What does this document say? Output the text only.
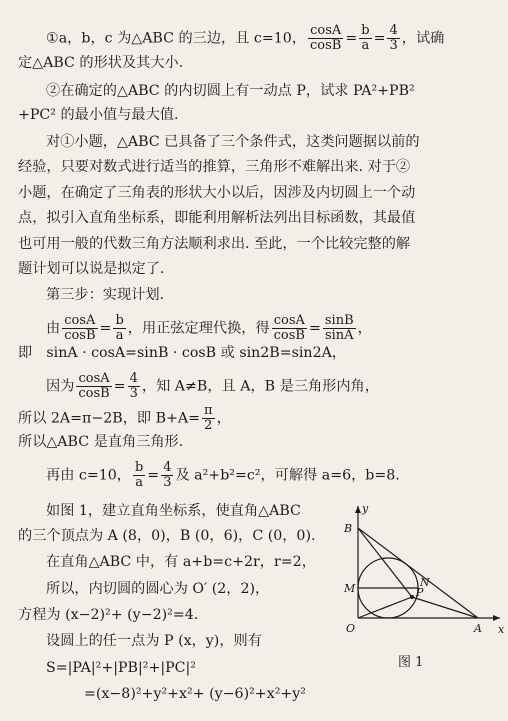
①a，b，c 为△ABC 的三边，且 c=10， $\frac{\cos A}{\cos B} = \frac{b}{a} = \frac{4}{3}$ ，试确
定△ABC 的形状及其大小.
②在确定的△ABC 的内切圆上有一动点 P，试求 PA²+PB²
+PC² 的最小值与最大值.
对①小题，△ABC 已具备了三个条件式，这类问题据以前的
经验，只要对数式进行适当的推算，三角形不难解出来. 对于②
小题，在确定了三角表的形状大小以后，因涉及内切圆上一个动
点，拟引入直角坐标系，即能利用解析法列出目标函数，其最值
也可用一般的代数三角方法顺利求出. 至此，一个比较完整的解
题计划可以说是拟定了.
第三步：实现计划.
由 $\frac{\cos A}{\cos B} = \frac{b}{a}$ ，用正弦定理代换，得 $\frac{\cos A}{\cos B} = \frac{\sin B}{\sin A}$ ，
即　sinA · cosA=sinB · cosB 或 sin2B=sin2A，
因为 $\frac{\cos A}{\cos B} = \frac{4}{3}$ ，知 A≠B，且 A，B 是三角形内角，
所以 2A=π−2B，即 $B+A= \frac{\pi}{2}$ ，
所以△ABC 是直角三角形.
再由 c=10， $\frac{b}{a} = \frac{4}{3}$ 及 a²+b²=c²，可解得 a=6，b=8.
如图 1，建立直角坐标系，使直角△ABC
的三个顶点为 A (8，0)，B (0，6)，C (0，0).
在直角△ABC 中，有 a+b=c+2r，r=2，
所以，内切圆的圆心为 O′ (2，2)，
方程为 (x−2)²+ (y−2)²=4.
设圆上的任一点为 P (x，y)，则有
S=|PA|²+|PB|²+|PC|²
=(x−8)²+y²+x²+ (y−6)²+x²+y²
y
x
B
M	P
N
O	A
图 1
